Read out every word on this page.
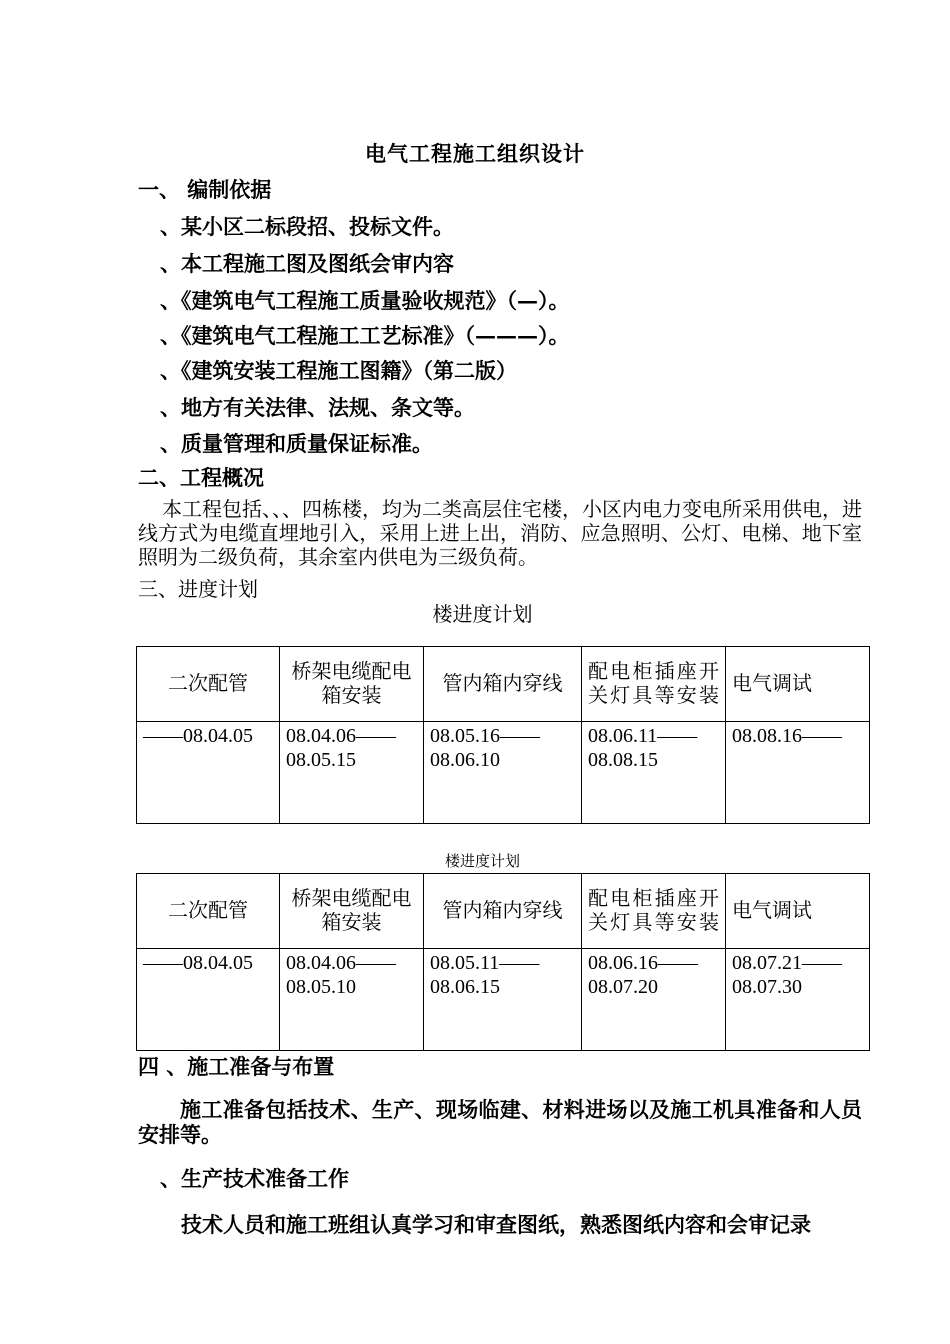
电气工程施工组织设计
一、 编制依据
、某小区二标段招、投标文件。
、本工程施工图及图纸会审内容
、《建筑电气工程施工质量验收规范》（—）。
、《建筑电气工程施工工艺标准》（———）。
、《建筑安装工程施工图籍》（第二版）
、地方有关法律、法规、条文等。
、质量管理和质量保证标准。
二、工程概况
本工程包括、、、四栋楼，均为二类高层住宅楼，小区内电力变电所采用供电，进线方式为电缆直埋地引入，采用上进上出，消防、应急照明、公灯、电梯、地下室照明为二级负荷，其余室内供电为三级负荷。
三、进度计划
楼进度计划
二次配管	桥架电缆配电箱安装	管内箱内穿线	配电柜插座开关灯具等安装	电气调试
——08.04.05	08.04.06——08.05.15	08.05.16——08.06.10	08.06.11——08.08.15	08.08.16——
楼进度计划
二次配管	桥架电缆配电箱安装	管内箱内穿线	配电柜插座开关灯具等安装	电气调试
——08.04.05	08.04.06——08.05.10	08.05.11——08.06.15	08.06.16——08.07.20	08.07.21——08.07.30
四 、施工准备与布置
施工准备包括技术、生产、现场临建、材料进场以及施工机具准备和人员安排等。
、生产技术准备工作
技术人员和施工班组认真学习和审查图纸，熟悉图纸内容和会审记录
